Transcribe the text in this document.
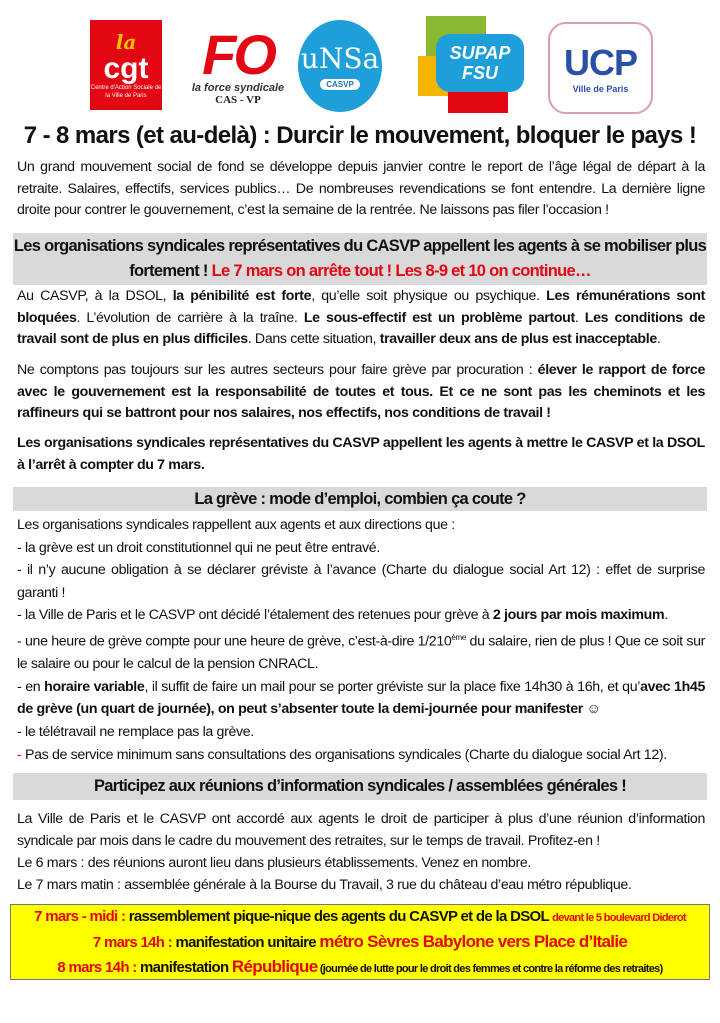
la
cgt
Centre d'Action Sociale de la Ville de Paris
FO
la force syndicale
CAS - VP
uNSa
CASVP
SUPAP
FSU UCP
Ville de Paris
7 - 8 mars (et au-delà) : Durcir le mouvement, bloquer le pays !
Un grand mouvement social de fond se développe depuis janvier contre le report de l’âge légal de départ à la retraite. Salaires, effectifs, services publics… De nombreuses revendications se font entendre. La dernière ligne droite pour contrer le gouvernement, c’est la semaine de la rentrée. Ne laissons pas filer l’occasion !
Les organisations syndicales représentatives du CASVP appellent les agents à se mobiliser plus fortement ! Le 7 mars on arrête tout ! Les 8-9 et 10 on continue…
Au CASVP, à la DSOL, la pénibilité est forte, qu’elle soit physique ou psychique. Les rémunérations sont bloquées. L’évolution de carrière à la traîne. Le sous-effectif est un problème partout. Les conditions de travail sont de plus en plus difficiles. Dans cette situation, travailler deux ans de plus est inacceptable.
Ne comptons pas toujours sur les autres secteurs pour faire grève par procuration : élever le rapport de force avec le gouvernement est la responsabilité de toutes et tous. Et ce ne sont pas les cheminots et les raffineurs qui se battront pour nos salaires, nos effectifs, nos conditions de travail !
Les organisations syndicales représentatives du CASVP appellent les agents à mettre le CASVP et la DSOL à l’arrêt à compter du 7 mars.
La grève : mode d’emploi, combien ça coute ?
Les organisations syndicales rappellent aux agents et aux directions que :
- la grève est un droit constitutionnel qui ne peut être entravé.
- il n’y aucune obligation à se déclarer gréviste à l’avance (Charte du dialogue social Art 12) : effet de surprise garanti !
- la Ville de Paris et le CASVP ont décidé l’étalement des retenues pour grève à 2 jours par mois maximum.
- une heure de grève compte pour une heure de grève, c’est-à-dire 1/210ème du salaire, rien de plus ! Que ce soit sur le salaire ou pour le calcul de la pension CNRACL.
- en horaire variable, il suffit de faire un mail pour se porter gréviste sur la place fixe 14h30 à 16h, et qu’avec 1h45 de grève (un quart de journée), on peut s’absenter toute la demi-journée pour manifester ☺
- le télétravail ne remplace pas la grève.
- Pas de service minimum sans consultations des organisations syndicales (Charte du dialogue social Art 12).
Participez aux réunions d’information syndicales / assemblées générales !
La Ville de Paris et le CASVP ont accordé aux agents le droit de participer à plus d’une réunion d’information syndicale par mois dans le cadre du mouvement des retraites, sur le temps de travail. Profitez-en !
Le 6 mars : des réunions auront lieu dans plusieurs établissements. Venez en nombre.
Le 7 mars matin : assemblée générale à la Bourse du Travail, 3 rue du château d’eau métro république.
7 mars - midi : rassemblement pique-nique des agents du CASVP et de la DSOL devant le 5 boulevard Diderot
7 mars 14h : manifestation unitaire métro Sèvres Babylone vers Place d’Italie
8 mars 14h : manifestation République (journée de lutte pour le droit des femmes et contre la réforme des retraites)
